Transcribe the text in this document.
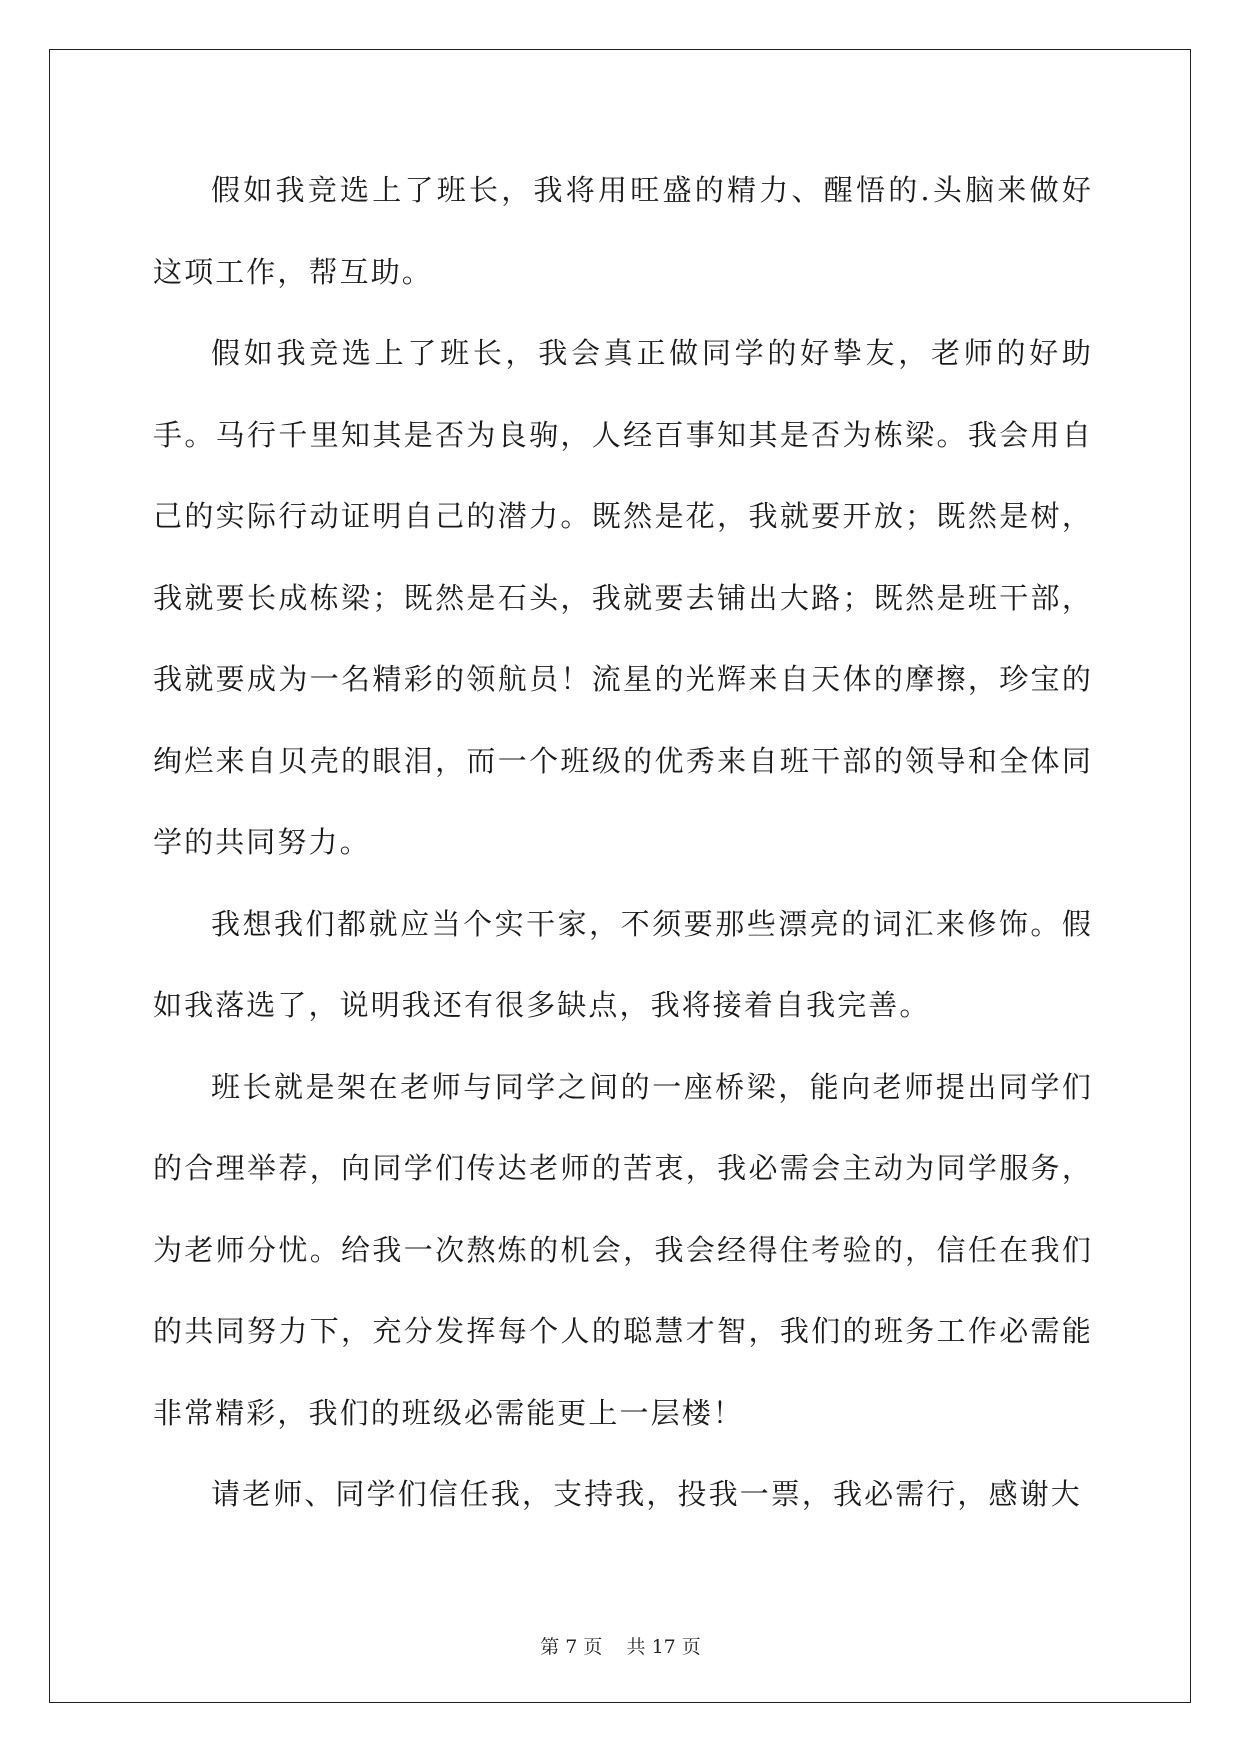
假如我竞选上了班长，我将用旺盛的精力、醒悟的.头脑来做好这项工作，帮互助。

假如我竞选上了班长，我会真正做同学的好挚友，老师的好助手。马行千里知其是否为良驹，人经百事知其是否为栋梁。我会用自己的实际行动证明自己的潜力。既然是花，我就要开放；既然是树，我就要长成栋梁；既然是石头，我就要去铺出大路；既然是班干部，我就要成为一名精彩的领航员！流星的光辉来自天体的摩擦，珍宝的绚烂来自贝壳的眼泪，而一个班级的优秀来自班干部的领导和全体同学的共同努力。

我想我们都就应当个实干家，不须要那些漂亮的词汇来修饰。假如我落选了，说明我还有很多缺点，我将接着自我完善。

班长就是架在老师与同学之间的一座桥梁，能向老师提出同学们的合理举荐，向同学们传达老师的苦衷，我必需会主动为同学服务，为老师分忧。给我一次熬炼的机会，我会经得住考验的，信任在我们的共同努力下，充分发挥每个人的聪慧才智，我们的班务工作必需能非常精彩，我们的班级必需能更上一层楼！

请老师、同学们信任我，支持我，投我一票，我必需行，感谢大

第 7 页    共 17 页
